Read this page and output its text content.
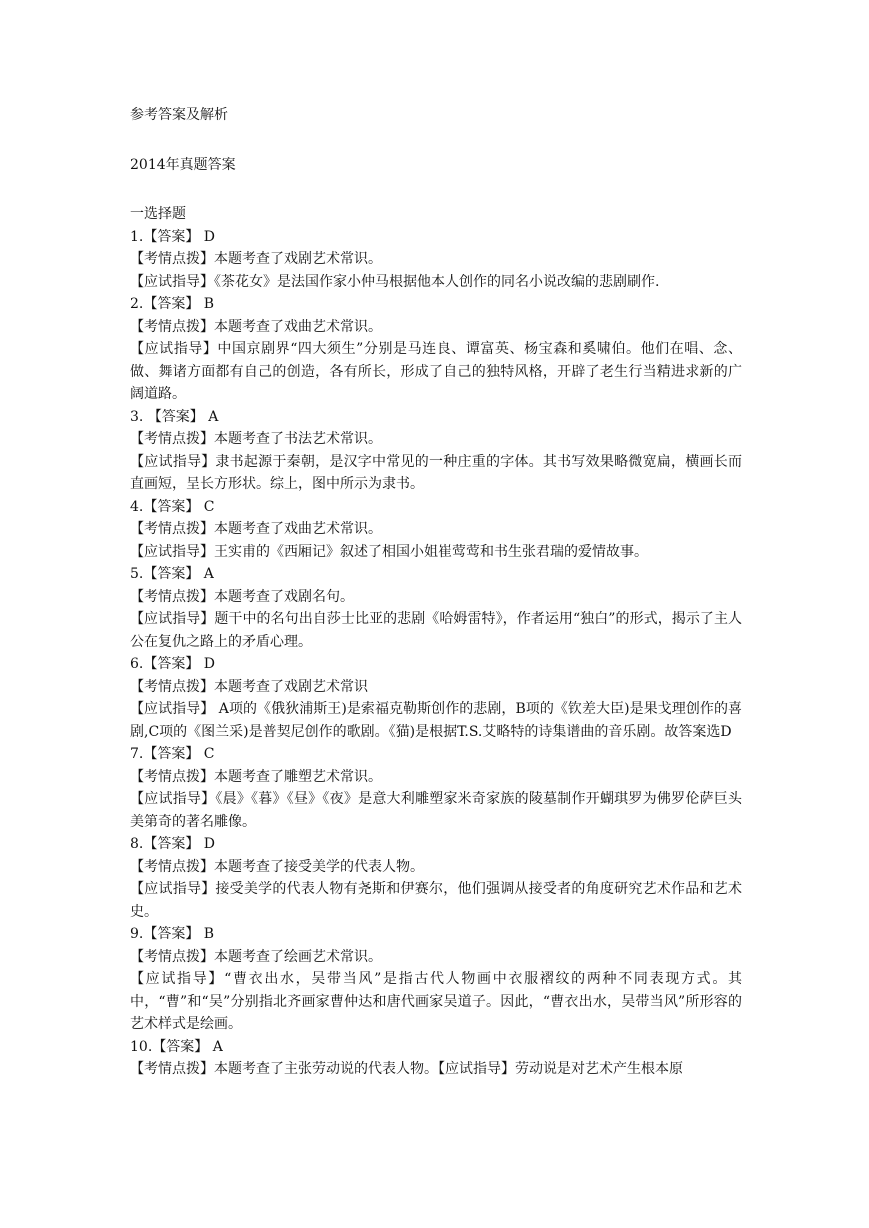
参考答案及解析
2014年真题答案
一选择题
1.【答案】 D
【考情点拨】本题考查了戏剧艺术常识。
【应试指导】《茶花女》是法国作家小仲马根据他本人创作的同名小说改编的悲剧刷作.
2.【答案】 B
【考情点拨】本题考查了戏曲艺术常识。
【应试指导】中国京剧界“四大须生”分别是马连良、谭富英、杨宝森和奚啸伯。他们在唱、念、做、舞诸方面都有自己的创造，各有所长，形成了自己的独特风格，开辟了老生行当精进求新的广阔道路。
3. 【答案】 A
【考情点拨】本题考查了书法艺术常识。
【应试指导】隶书起源于秦朝，是汉字中常见的一种庄重的字体。其书写效果略微宽扁，横画长而直画短，呈长方形状。综上，图中所示为隶书。
4.【答案】 C
【考情点拨】本题考查了戏曲艺术常识。
【应试指导】王实甫的《西厢记》叙述了相国小姐崔莺莺和书生张君瑞的爱情故事。
5.【答案】 A
【考情点拨】本题考查了戏剧名句。
【应试指导】题干中的名句出自莎士比亚的悲剧《哈姆雷特》，作者运用“独白”的形式，揭示了主人公在复仇之路上的矛盾心理。
6.【答案】 D
【考情点拨】本题考查了戏剧艺术常识
【应试指导】 A项的《俄狄浦斯王)是索福克勒斯创作的悲剧，B项的《钦差大臣)是果戈理创作的喜剧,C项的《图兰采)是普契尼创作的歌剧。《猫)是根据T.S.艾略特的诗集谱曲的音乐剧。故答案选D
7.【答案】 C
【考情点拨】本题考查了雕塑艺术常识。
【应试指导】《晨》《暮》《昼》《夜》是意大利雕塑家米奇家族的陵墓制作开蝴琪罗为佛罗伦萨巨头美第奇的著名雕像。
8.【答案】 D
【考情点拨】本题考查了接受美学的代表人物。
【应试指导】接受美学的代表人物有尧斯和伊赛尔，他们强调从接受者的角度研究艺术作品和艺术史。
9.【答案】 B
【考情点拨】本题考查了绘画艺术常识。
【应试指导】“曹衣出水，吴带当风”是指古代人物画中衣服褶纹的两种不同表现方式。其中，“曹”和“吴”分别指北齐画家曹仲达和唐代画家吴道子。因此，“曹衣出水，吴带当风”所形容的艺术样式是绘画。
10.【答案】 A
【考情点拨】本题考查了主张劳动说的代表人物。【应试指导】劳动说是对艺术产生根本原
